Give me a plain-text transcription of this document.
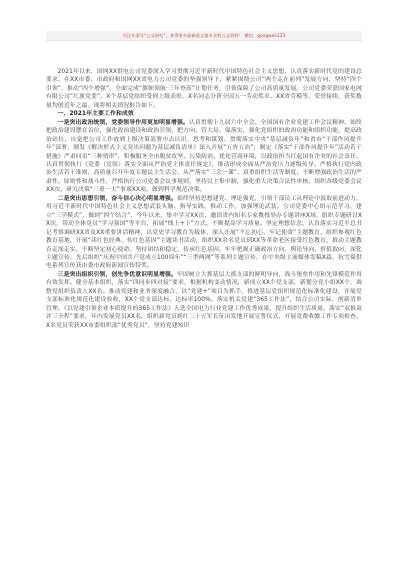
关注头条号“公文研究”，获得更多最新最全最专业的公文资料！ 微信：gongwen123

2021年以来，国网XX供电公司党委深入学习贯彻习近平新时代中国特色社会主义思想，认真落实新时代党的建设总要求，在XX市委、市政府和国网XX省电力公司党委的坚强领导下，紧紧围绕公司“两个走在前列”发展方向，坚持“四个引领”，推动“四个增强”，全面完成“旗帜领航·三年登高”计划任务，引领保障了公司高质量发展。公司党委荣获国家电网有限公司“红旗党委”，X个基层党组织受到上级表彰，X名同志分获全国五一劳动奖章、XX省劳模等。荣誉接续，获奖数量均创近年之最。现将相关情况报告如下。

一、2021年主要工作和成效

一是突出政治统领，党委领导作用更加明显增强。认真贯彻十九届六中全会、全国国有企业党建工作会议精神，始终把政治建设摆在首位，强化政治建设和政治引领，把方向、管大局、保落实，强化党组织的政治功能和组织功能，提高政治站位。自觉把公司工作放到上级决策部署中去认识、思考和谋划。贯彻落实中央“基层减负年”和省市“干部作风提升年”部署，制发《解决形式主义突出问题为基层减负清单》深入开展“五查五治”，制定《落实“干部作风提升年”活动若干措施》严肃问责“三种情形”，积极服务全市脱贫攻坚、污染防治、优化营商环境，以政治担当扛起国有企业的社会责任，认真贯彻执行《党委（党组）落实全面从严治党主体责任规定》，推动形成全面从严治党压力逐级传导。严格执行党内政治生活若干准则，高质量召开年度专题民主生活会，从严落实“三会一课”、双重组织生活等制度，不断增强政治生活的严肃性、原则性和战斗性，严格执行公司党委会议事规则，坚持民主集中制，强化重大决策合法性审核，组织各级党委会议XX次，研究决策“三重一大”事项XX项，做到科学规范决策。

二是突出思想引领，奋斗信心决心明显增强。始终坚持思想建党、理论强党，引领干部员工从理论中汲取前进动力，用习近平新时代中国特色社会主义思想武装头脑、指导实践、推动工作，加强理论武装。公司党委中心组示范学习，建立“三学模式”，做到“四个结合”，今年以来，集中学习XX次，邀请省内知名专家教授举办专题讲座X场，组织专题研讨XX次，带动全体党员“学习强国”等平台，拓展“线上+下”方式，不断提高学习质量。坚定理想信念，认真落实习近平总书记考察调研XX省及XX重要讲话精神，以党史学习教育为载体，深入开展“不忘初心、牢记使命”主题教育，组织参观红色教育基地，开展“读红色经典、传红色基因”主题读书活动，组织XX余名党员到XX等革命老区接受红色教育，推动主题教育走深走实，不断坚定初心使命。坚持团结和稳定，传承红色基因。牢牢把握正确政治方向、舆论导向、价值取向，深化主题宣传，先后组织“庆祝中国共产党成立100周年”“三型两网”等系列主题宣传，在中央级主流媒体发稿X篇，抗雪保供电系列宣传获市委市政府新闻宣传特奖。

三是突出组织引领，创先争优意识明显增强。牢固树立大抓基层大抓支部的鲜明导向，战斗堡垒作用和先锋模范作用有效发挥。健全基本组织，落实“四同步四对接”要求，根据机构变动情况，新成立XX个党支部，新划分党小组XX个，调整党组织负责人XX名。推动党建和业务深度融合，以“党建+”项目为抓手，推进基层党组织规范化标准化建设，开展党支部标准化规范化建设验收，XX个党支部达标，达标率100%。落实机关党建“365工作法”，结合公司实际，创新清单管理，《以党建引领企业本质提升的365工作法》入选全国电力行业党建工作优秀成果，提升组织生活质量。落实“双推双评三全程”要求，年内发展党员XX名。组织新党员到红二十五军长征出发地开展宣誓仪式，开展党费收缴工作专项检查。X名党员荣获XX市委组织部“优秀党员”，坚持党建知识
